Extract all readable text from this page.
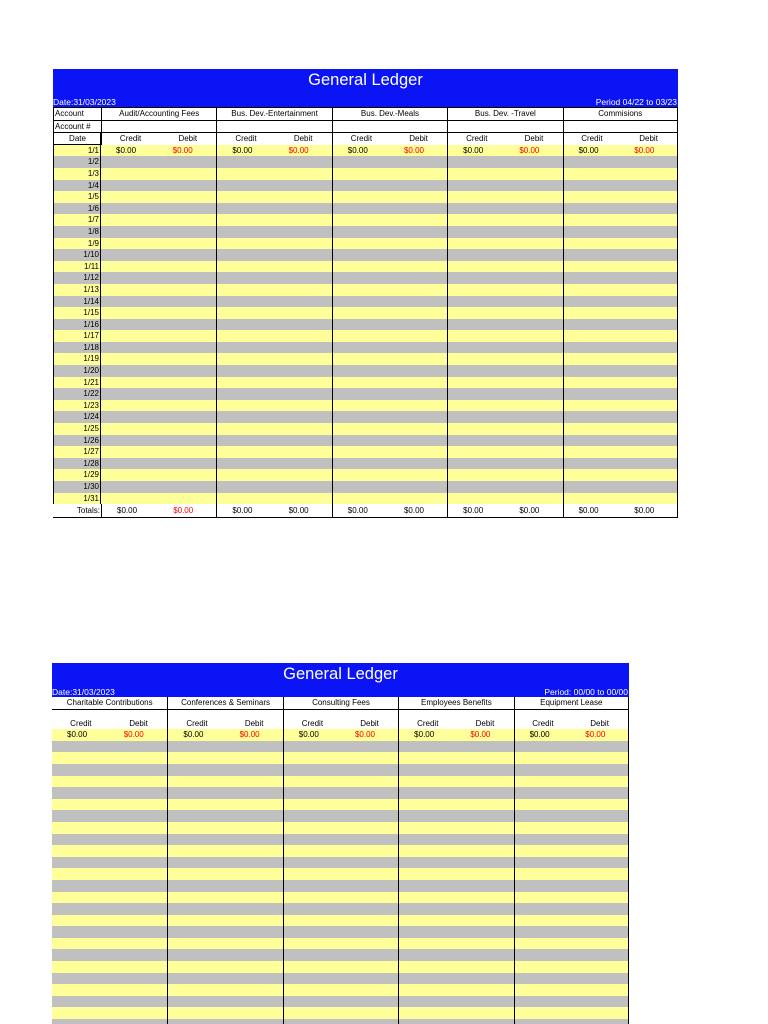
General Ledger
Date:31/03/2023	Period 04/22 to 03/23
Account	Audit/Accounting Fees	Bus. Dev.-Entertainment	Bus. Dev.-Meals	Bus. Dev. -Travel	Commisions
Account #
Date	Credit	Debit	Credit	Debit	Credit	Debit	Credit	Debit	Credit	Debit
1/1	$0.00	$0.00	$0.00	$0.00	$0.00	$0.00	$0.00	$0.00	$0.00	$0.00
1/2
1/3
1/4
1/5
1/6
1/7
1/8
1/9
1/10
1/11
1/12
1/13
1/14
1/15
1/16
1/17
1/18
1/19
1/20
1/21
1/22
1/23
1/24
1/25
1/26
1/27
1/28
1/29
1/30
1/31
Totals:	$0.00	$0.00	$0.00	$0.00	$0.00	$0.00	$0.00	$0.00	$0.00	$0.00
General Ledger
Date:31/03/2023	Period: 00/00 to 00/00
Charitable Contributions	Conferences & Seminars	Consulting Fees	Employees Benefits	Equipment Lease
Credit	Debit	Credit	Debit	Credit	Debit	Credit	Debit	Credit	Debit
$0.00	$0.00	$0.00	$0.00	$0.00	$0.00	$0.00	$0.00	$0.00	$0.00
